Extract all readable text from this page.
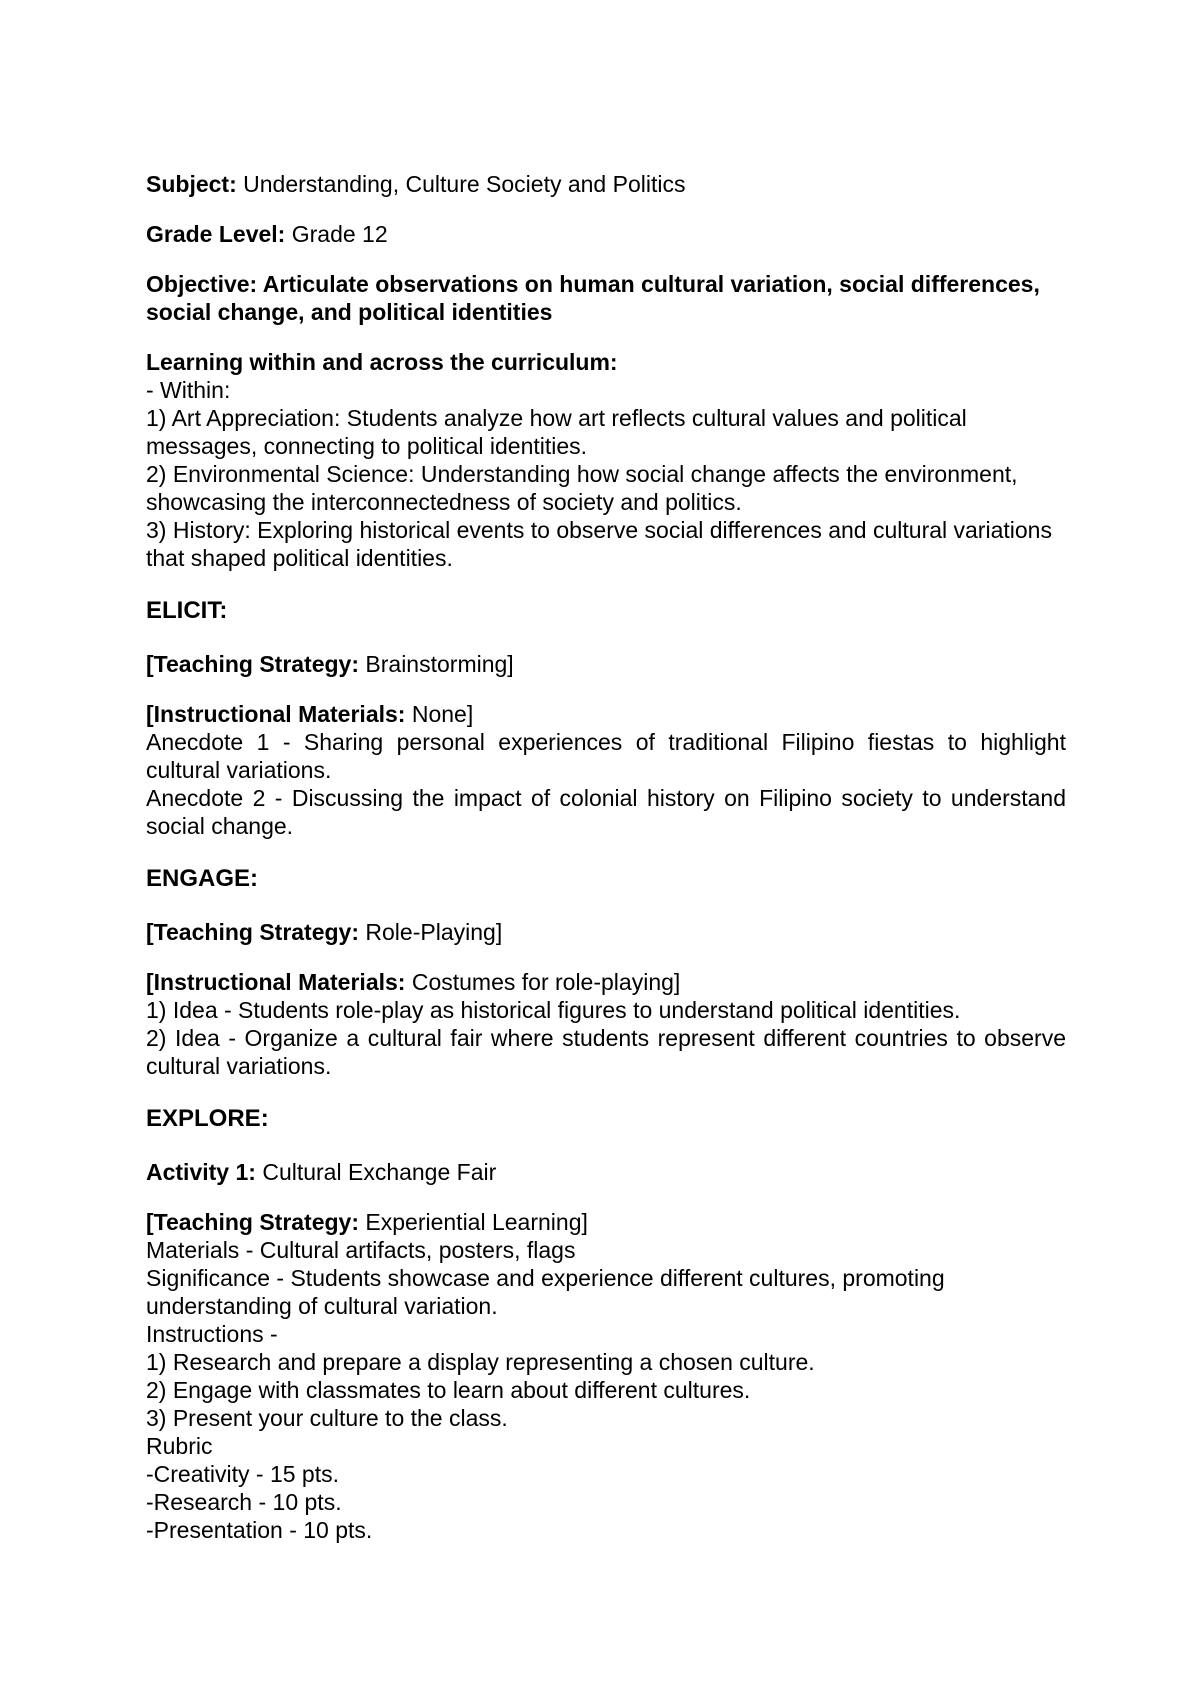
Subject: Understanding, Culture Society and Politics

Grade Level: Grade 12

Objective: Articulate observations on human cultural variation, social differences, social change, and political identities

Learning within and across the curriculum:
- Within:
1) Art Appreciation: Students analyze how art reflects cultural values and political messages, connecting to political identities.
2) Environmental Science: Understanding how social change affects the environment, showcasing the interconnectedness of society and politics.
3) History: Exploring historical events to observe social differences and cultural variations that shaped political identities.
ELICIT:

[Teaching Strategy: Brainstorming]

[Instructional Materials: None]
Anecdote 1 - Sharing personal experiences of traditional Filipino fiestas to highlight cultural variations.
Anecdote 2 - Discussing the impact of colonial history on Filipino society to understand social change.
ENGAGE:

[Teaching Strategy: Role-Playing]

[Instructional Materials: Costumes for role-playing]
1) Idea - Students role-play as historical figures to understand political identities.
2) Idea - Organize a cultural fair where students represent different countries to observe cultural variations.
EXPLORE:

Activity 1: Cultural Exchange Fair

[Teaching Strategy: Experiential Learning]
Materials - Cultural artifacts, posters, flags
Significance - Students showcase and experience different cultures, promoting understanding of cultural variation.
Instructions -
1) Research and prepare a display representing a chosen culture.
2) Engage with classmates to learn about different cultures.
3) Present your culture to the class.
Rubric
-Creativity - 15 pts.
-Research - 10 pts.
-Presentation - 10 pts.
